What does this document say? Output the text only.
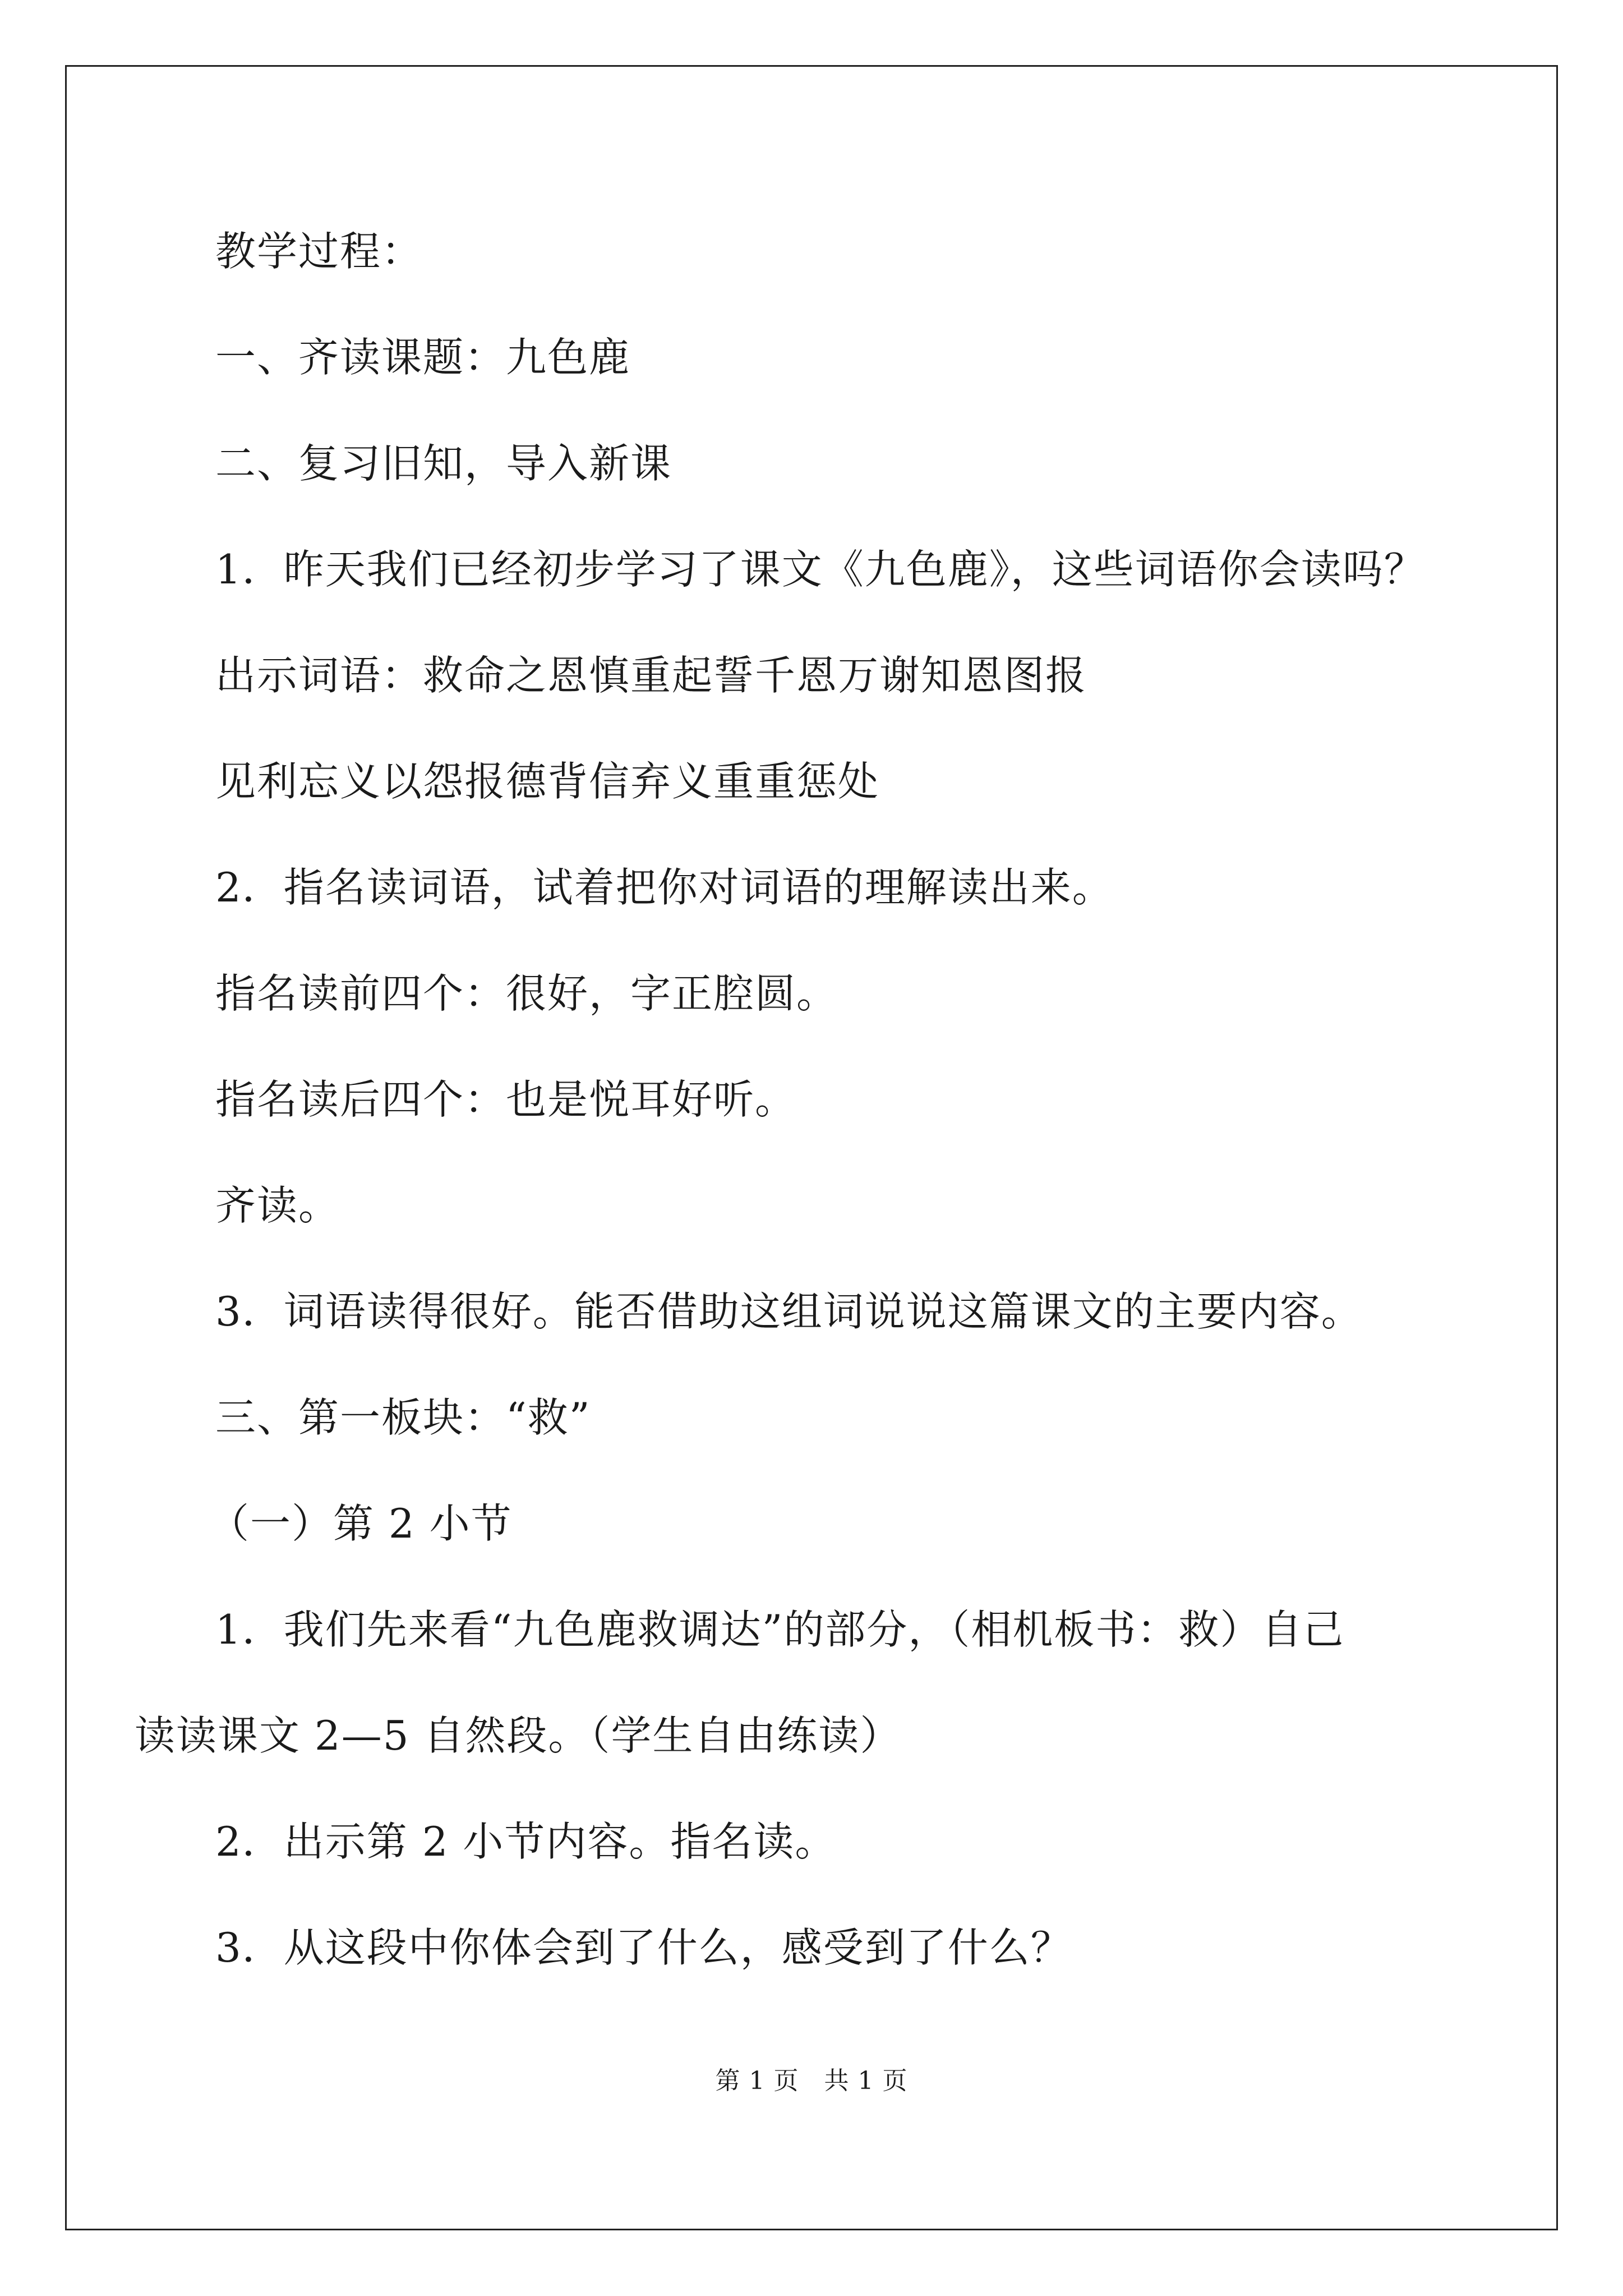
教学过程：
一、齐读课题：九色鹿
二、复习旧知，导入新课
1．昨天我们已经初步学习了课文《九色鹿》，这些词语你会读吗？
出示词语：救命之恩慎重起誓千恩万谢知恩图报
见利忘义以怨报德背信弃义重重惩处
2．指名读词语，试着把你对词语的理解读出来。
指名读前四个：很好，字正腔圆。
指名读后四个：也是悦耳好听。
齐读。
3．词语读得很好。能否借助这组词说说这篇课文的主要内容。
三、第一板块：“救”
（一）第 2 小节
1．我们先来看“九色鹿救调达”的部分，（相机板书：救）自己
读读课文 2—5 自然段。（学生自由练读）
2．出示第 2 小节内容。指名读。
3．从这段中你体会到了什么，感受到了什么？
第 1 页　共 1 页
